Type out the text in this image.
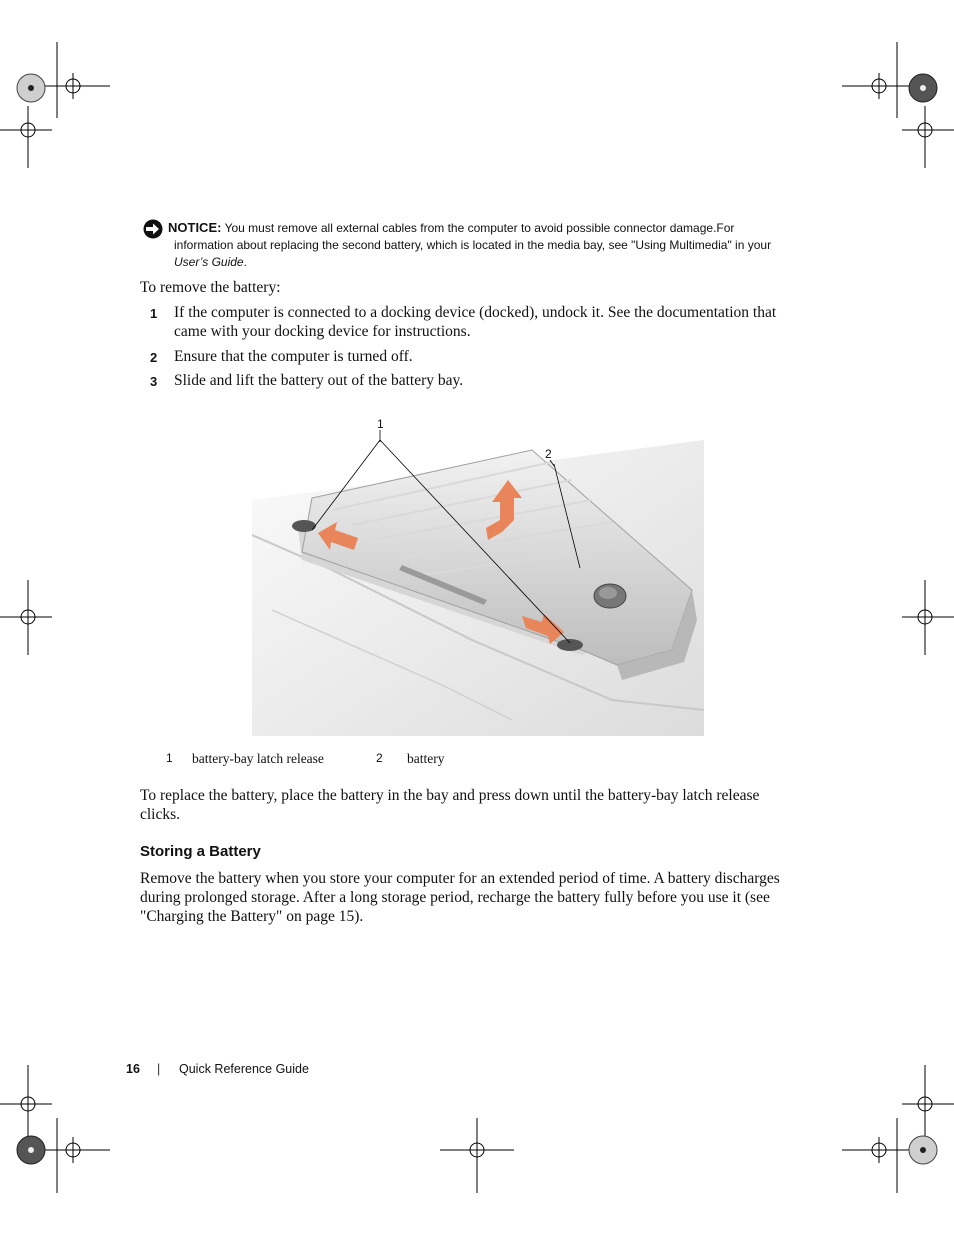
NOTICE: You must remove all external cables from the computer to avoid possible connector damage.For
information about replacing the second battery, which is located in the media bay, see "Using Multimedia" in your
User’s Guide.
To remove the battery:
1 If the computer is connected to a docking device (docked), undock it. See the documentation that
came with your docking device for instructions.
2 Ensure that the computer is turned off.
3 Slide and lift the battery out of the battery bay.
1
2
1 battery-bay latch release	2 battery
To replace the battery, place the battery in the bay and press down until the battery-bay latch release
clicks.
Storing a Battery
Remove the battery when you store your computer for an extended period of time. A battery discharges
during prolonged storage. After a long storage period, recharge the battery fully before you use it (see
"Charging the Battery" on page 15).
16 | Quick Reference Guide
